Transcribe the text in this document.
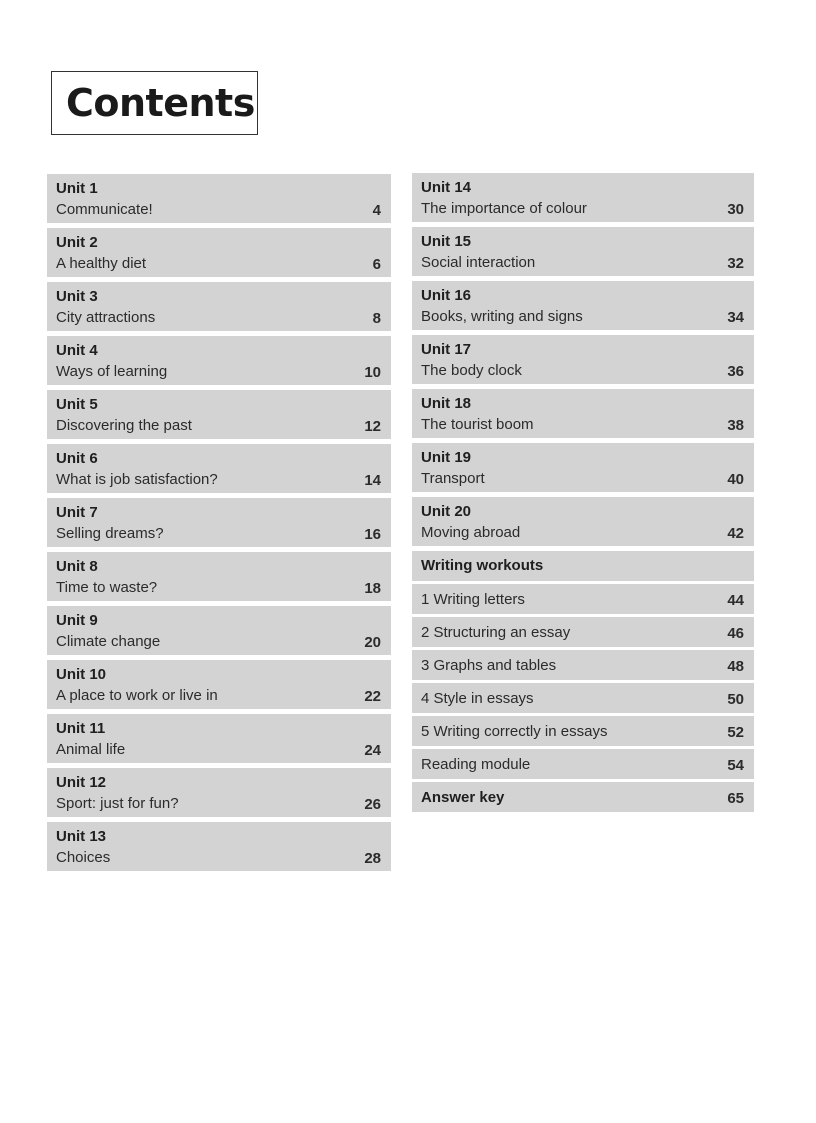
Contents
Unit 1
Communicate!	4
Unit 2
A healthy diet	6
Unit 3
City attractions	8
Unit 4
Ways of learning	10
Unit 5
Discovering the past	12
Unit 6
What is job satisfaction?	14
Unit 7
Selling dreams?	16
Unit 8
Time to waste?	18
Unit 9
Climate change	20
Unit 10
A place to work or live in	22
Unit 11
Animal life	24
Unit 12
Sport: just for fun?	26
Unit 13
Choices	28
Unit 14
The importance of colour	30
Unit 15
Social interaction	32
Unit 16
Books, writing and signs	34
Unit 17
The body clock	36
Unit 18
The tourist boom	38
Unit 19
Transport	40
Unit 20
Moving abroad	42
Writing workouts
1 Writing letters	44
2 Structuring an essay	46
3 Graphs and tables	48
4 Style in essays	50
5 Writing correctly in essays	52
Reading module	54
Answer key	65
